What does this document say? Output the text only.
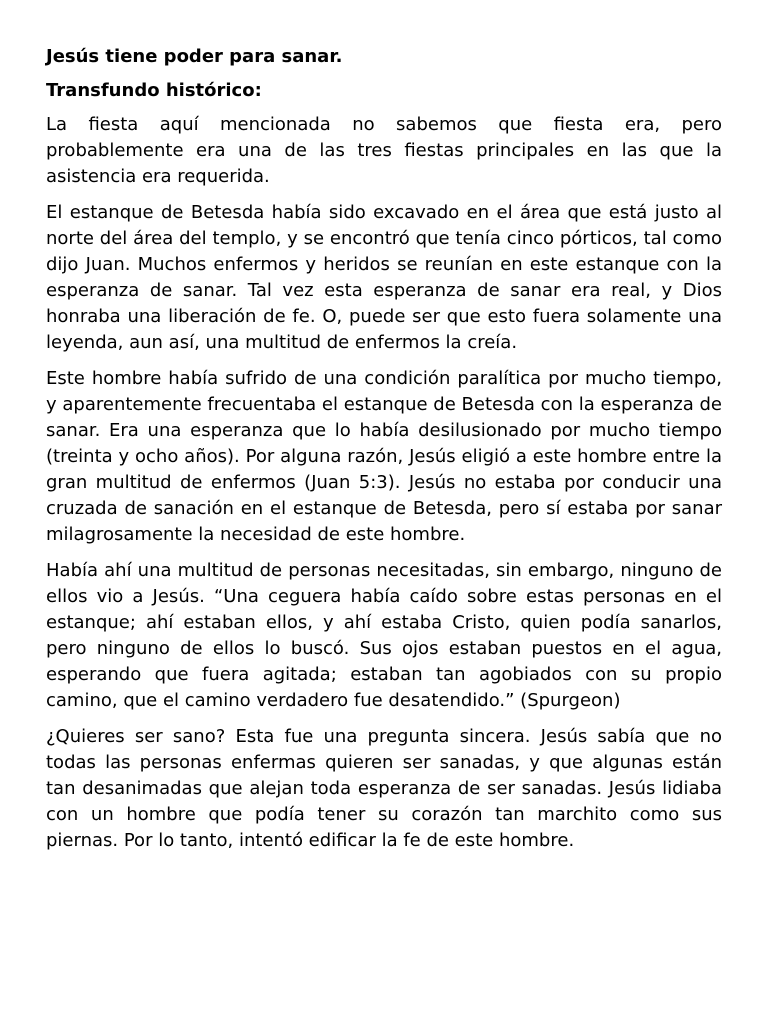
Jesús tiene poder para sanar.
Transfundo histórico:

La fiesta aquí mencionada no sabemos que fiesta era, pero probablemente era una de las tres fiestas principales en las que la asistencia era requerida.

El estanque de Betesda había sido excavado en el área que está justo al norte del área del templo, y se encontró que tenía cinco pórticos, tal como dijo Juan. Muchos enfermos y heridos se reunían en este estanque con la esperanza de sanar. Tal vez esta esperanza de sanar era real, y Dios honraba una liberación de fe. O, puede ser que esto fuera solamente una leyenda, aun así, una multitud de enfermos la creía.

Este hombre había sufrido de una condición paralítica por mucho tiempo, y aparentemente frecuentaba el estanque de Betesda con la esperanza de sanar. Era una esperanza que lo había desilusionado por mucho tiempo (treinta y ocho años). Por alguna razón, Jesús eligió a este hombre entre la gran multitud de enfermos (Juan 5:3). Jesús no estaba por conducir una cruzada de sanación en el estanque de Betesda, pero sí estaba por sanar milagrosamente la necesidad de este hombre.

Había ahí una multitud de personas necesitadas, sin embargo, ninguno de ellos vio a Jesús. “Una ceguera había caído sobre estas personas en el estanque; ahí estaban ellos, y ahí estaba Cristo, quien podía sanarlos, pero ninguno de ellos lo buscó. Sus ojos estaban puestos en el agua, esperando que fuera agitada; estaban tan agobiados con su propio camino, que el camino verdadero fue desatendido.” (Spurgeon)

¿Quieres ser sano? Esta fue una pregunta sincera. Jesús sabía que no todas las personas enfermas quieren ser sanadas, y que algunas están tan desanimadas que alejan toda esperanza de ser sanadas. Jesús lidiaba con un hombre que podía tener su corazón tan marchito como sus piernas. Por lo tanto, intentó edificar la fe de este hombre.
